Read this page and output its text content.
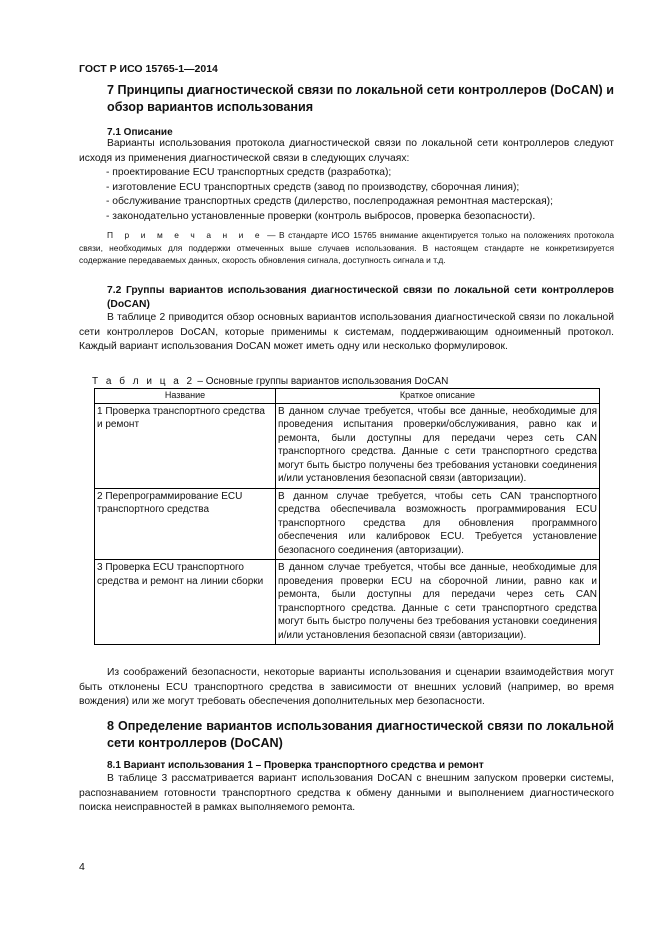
ГОСТ Р ИСО 15765-1—2014
7 Принципы диагностической связи по локальной сети контроллеров (DoCAN) и обзор вариантов использования
7.1 Описание

Варианты использования протокола диагностической связи по локальной сети контроллеров следуют исходя из применения диагностической связи в следующих случаях:

- проектирование ECU транспортных средств (разработка);

- изготовление ECU транспортных средств (завод по производству, сборочная линия);

- обслуживание транспортных средств (дилерство, послепродажная ремонтная мастерская);

- законодательно установленные проверки (контроль выбросов, проверка безопасности).

П р и м е ч а н и е — В стандарте ИСО 15765 внимание акцентируется только на положениях протокола связи, необходимых для поддержки отмеченных выше случаев использования. В настоящем стандарте не конкретизируется содержание передаваемых данных, скорость обновления сигнала, доступность сигнала и т.д.

7.2 Группы вариантов использования диагностической связи по локальной сети контроллеров (DoCAN)

В таблице 2 приводится обзор основных вариантов использования диагностической связи по локальной сети контроллеров DoCAN, которые применимы к системам, поддерживающим одноименный протокол. Каждый вариант использования DoCAN может иметь одну или несколько формулировок.

Т а б л и ц а 2 – Основные группы вариантов использования DoCAN
Название	Краткое описание
1 Проверка транспортного средства и ремонт	В данном случае требуется, чтобы все данные, необходимые для проведения испытания проверки/обслуживания, равно как и ремонта, были доступны для передачи через сеть CAN транспортного средства. Данные с сети транспортного средства могут быть быстро получены без требования установки соединения и/или установления безопасной связи (авторизации).
2 Перепрограммирование ECU транспортного средства	В данном случае требуется, чтобы сеть CAN транспортного средства обеспечивала возможность программирования ECU транспортного средства для обновления программного обеспечения или калибровок ECU. Требуется установление безопасного соединения (авторизации).
3 Проверка ECU транспортного средства и ремонт на линии сборки	В данном случае требуется, чтобы все данные, необходимые для проведения проверки ECU на сборочной линии, равно как и ремонта, были доступны для передачи через сеть CAN транспортного средства. Данные с сети транспортного средства могут быть быстро получены без требования установки соединения и/или установления безопасной связи (авторизации).

Из соображений безопасности, некоторые варианты использования и сценарии взаимодействия могут быть отклонены ECU транспортного средства в зависимости от внешних условий (например, во время вождения) или же могут требовать обеспечения дополнительных мер безопасности.

8 Определение вариантов использования диагностической связи по локальной сети контроллеров (DoCAN)
8.1 Вариант использования 1 – Проверка транспортного средства и ремонт

В таблице 3 рассматривается вариант использования DoCAN с внешним запуском проверки системы, распознаванием готовности транспортного средства к обмену данными и выполнением диагностического поиска неисправностей в рамках выполняемого ремонта.

4
